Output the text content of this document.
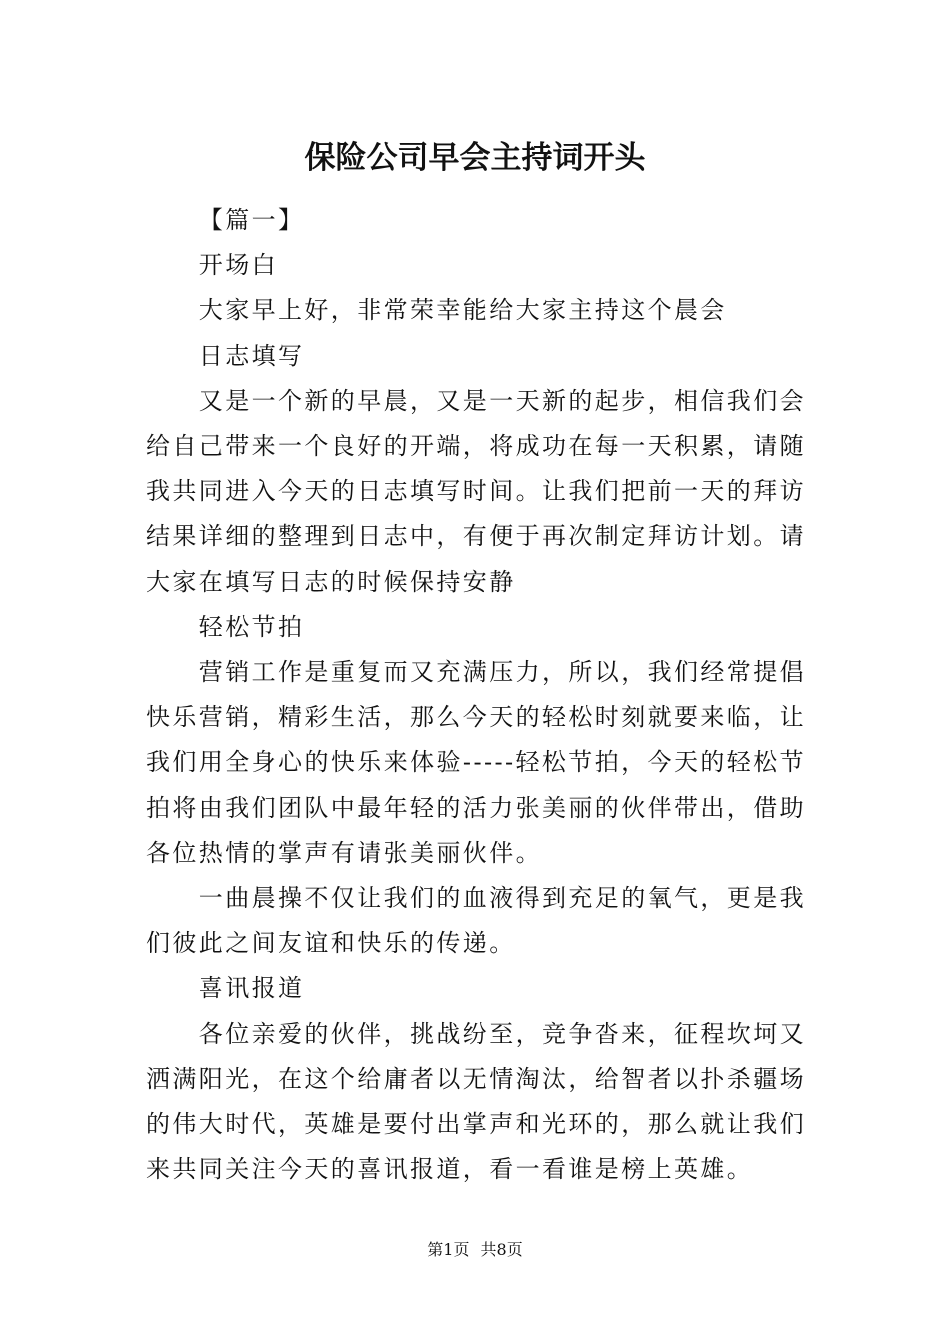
保险公司早会主持词开头

【篇一】

开场白

大家早上好，非常荣幸能给大家主持这个晨会

日志填写

又是一个新的早晨，又是一天新的起步，相信我们会给自己带来一个良好的开端，将成功在每一天积累，请随我共同进入今天的日志填写时间。让我们把前一天的拜访结果详细的整理到日志中，有便于再次制定拜访计划。请大家在填写日志的时候保持安静

轻松节拍

营销工作是重复而又充满压力，所以，我们经常提倡快乐营销，精彩生活，那么今天的轻松时刻就要来临，让我们用全身心的快乐来体验-----轻松节拍，今天的轻松节拍将由我们团队中最年轻的活力张美丽的伙伴带出，借助各位热情的掌声有请张美丽伙伴。

一曲晨操不仅让我们的血液得到充足的氧气，更是我们彼此之间友谊和快乐的传递。

喜讯报道

各位亲爱的伙伴，挑战纷至，竞争沓来，征程坎坷又洒满阳光，在这个给庸者以无情淘汰，给智者以扑杀疆场的伟大时代，英雄是要付出掌声和光环的，那么就让我们来共同关注今天的喜讯报道，看一看谁是榜上英雄。

第1页 共8页
